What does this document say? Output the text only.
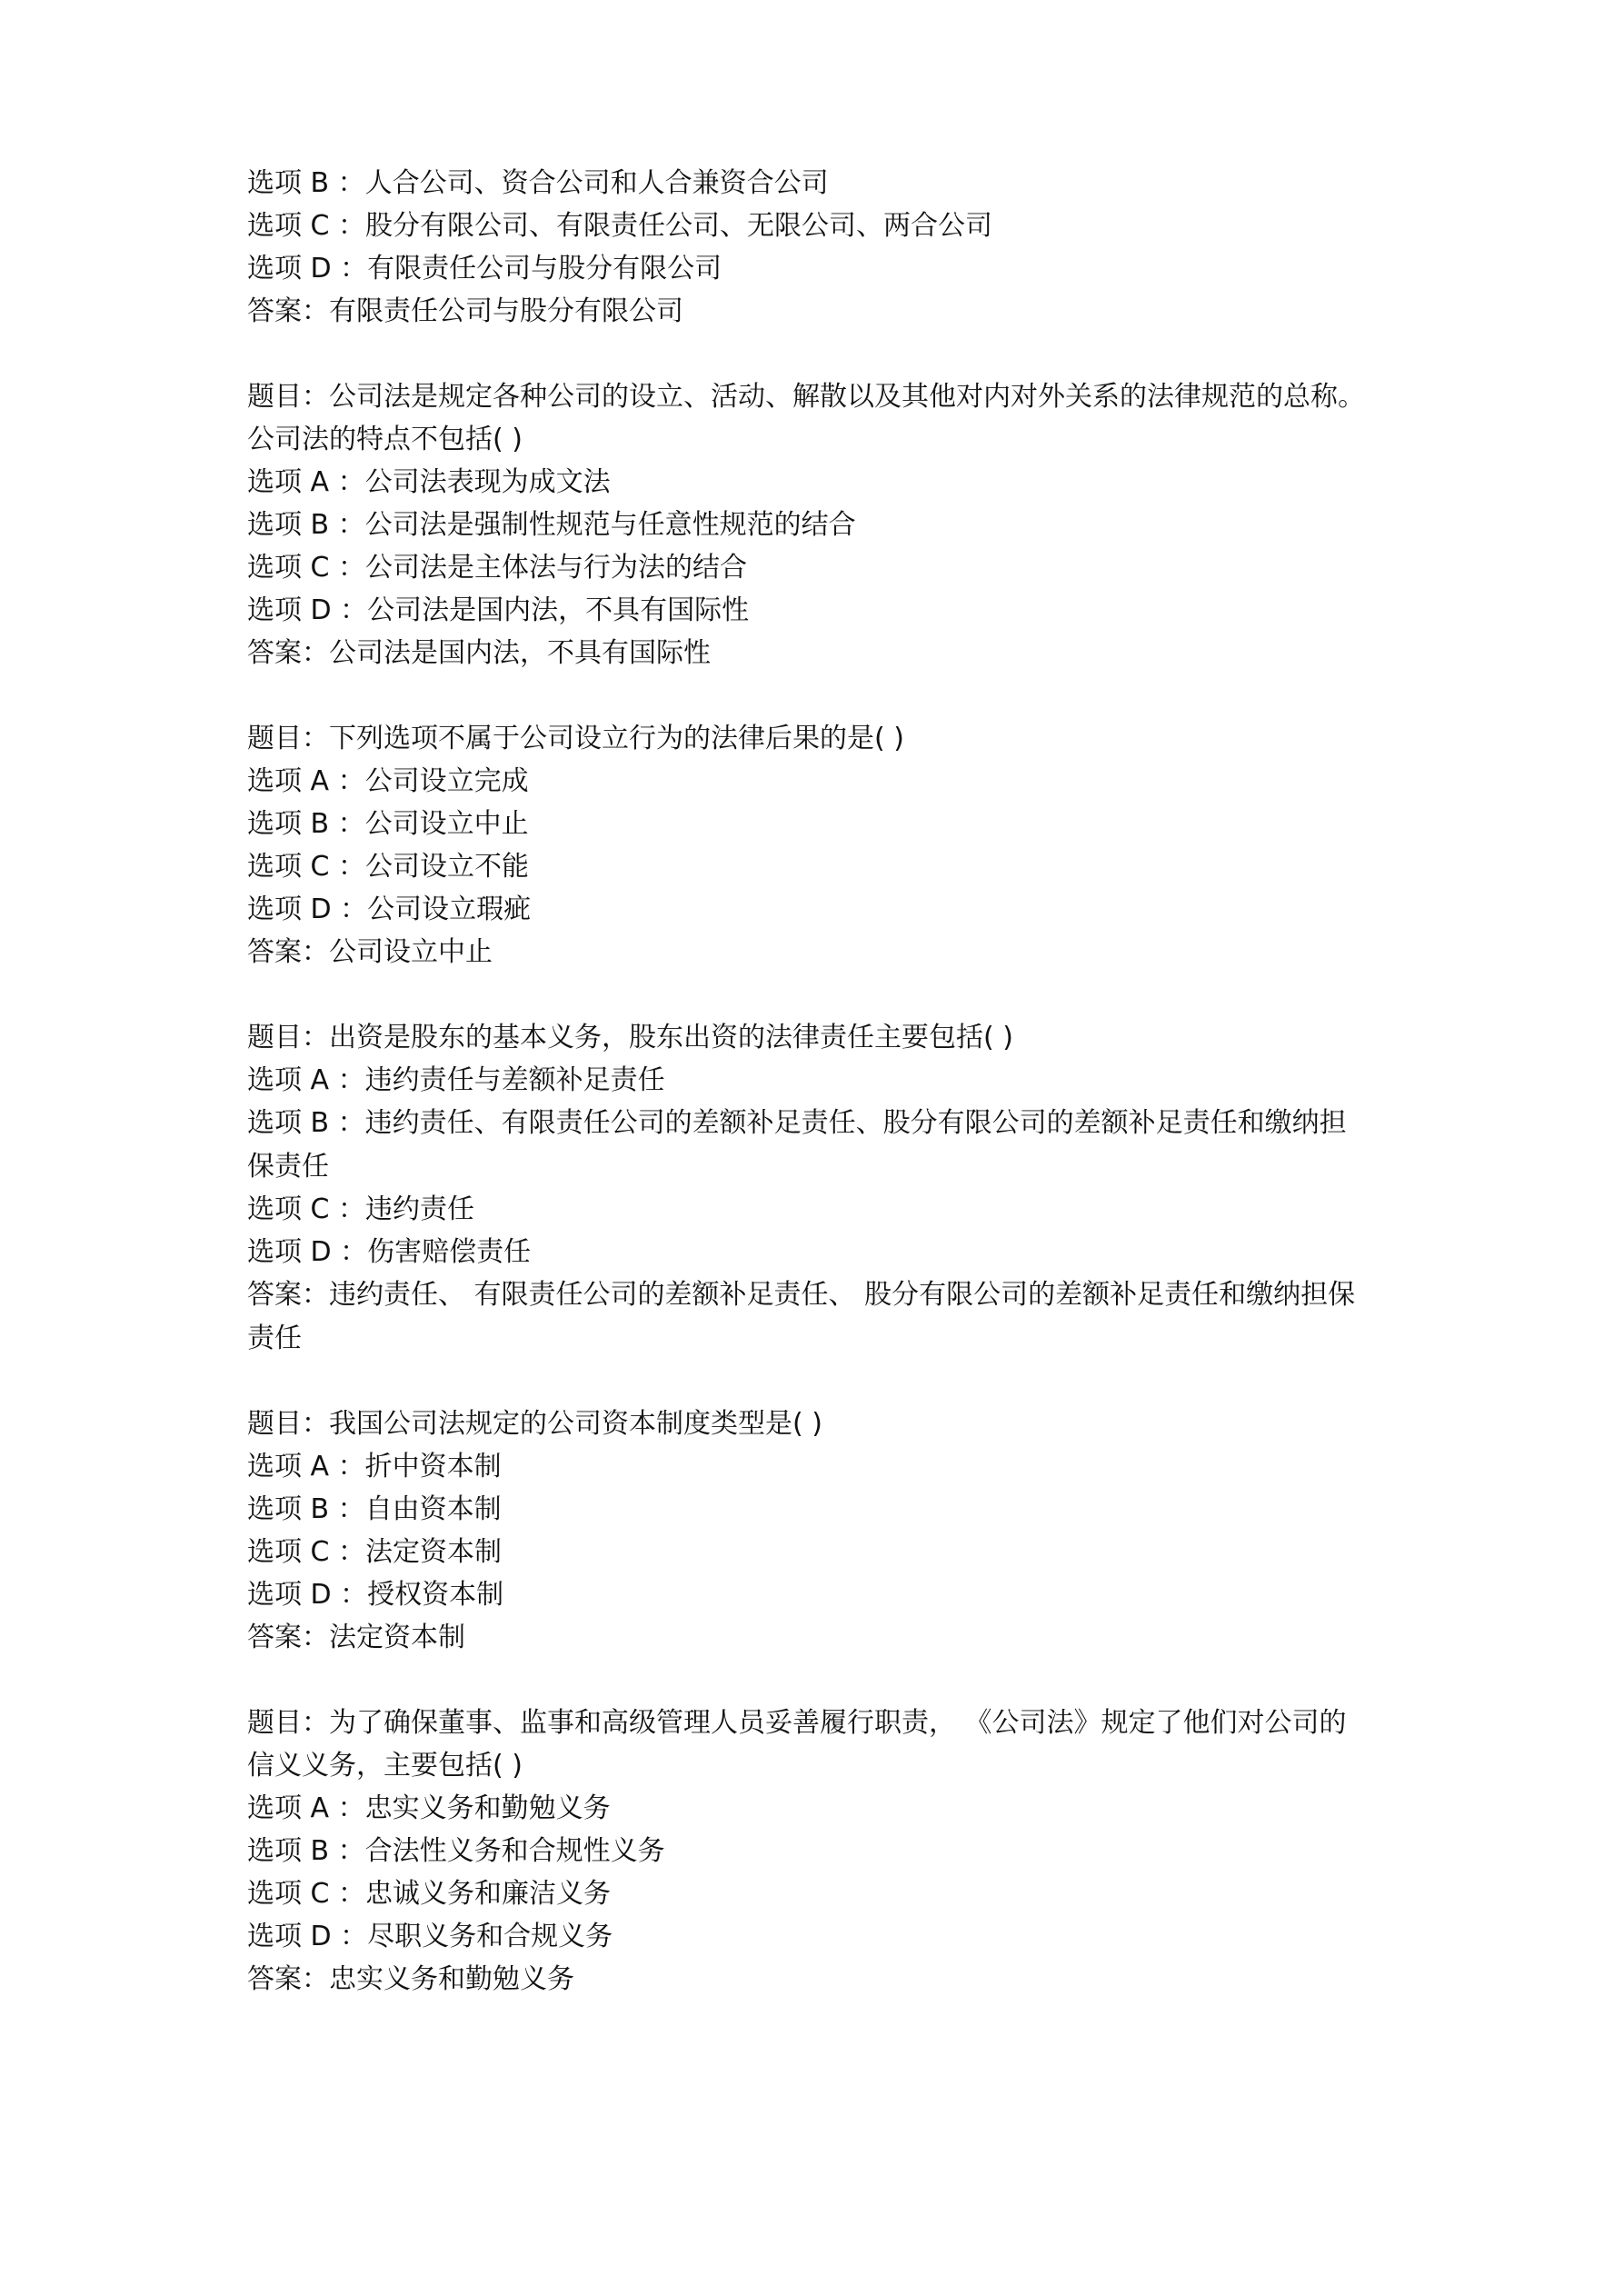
选项 B ：人合公司、资合公司和人合兼资合公司
选项 C ：股分有限公司、有限责任公司、无限公司、两合公司
选项 D ：有限责任公司与股分有限公司
答案：有限责任公司与股分有限公司
题目：公司法是规定各种公司的设立、活动、解散以及其他对内对外关系的法律规范的总称。
公司法的特点不包括( )
选项 A ：公司法表现为成文法
选项 B ：公司法是强制性规范与任意性规范的结合
选项 C ：公司法是主体法与行为法的结合
选项 D ：公司法是国内法，不具有国际性
答案：公司法是国内法，不具有国际性
题目：下列选项不属于公司设立行为的法律后果的是( )
选项 A ：公司设立完成
选项 B ：公司设立中止
选项 C ：公司设立不能
选项 D ：公司设立瑕疵
答案：公司设立中止
题目：出资是股东的基本义务，股东出资的法律责任主要包括( )
选项 A ：违约责任与差额补足责任
选项 B ：违约责任、有限责任公司的差额补足责任、股分有限公司的差额补足责任和缴纳担
保责任
选项 C ：违约责任
选项 D ：伤害赔偿责任
答案：违约责任、 有限责任公司的差额补足责任、 股分有限公司的差额补足责任和缴纳担保
责任
题目：我国公司法规定的公司资本制度类型是( )
选项 A ：折中资本制
选项 B ：自由资本制
选项 C ：法定资本制
选项 D ：授权资本制
答案：法定资本制
题目：为了确保董事、监事和高级管理人员妥善履行职责， 《公司法》规定了他们对公司的
信义义务，主要包括( )
选项 A ：忠实义务和勤勉义务
选项 B ：合法性义务和合规性义务
选项 C ：忠诚义务和廉洁义务
选项 D ：尽职义务和合规义务
答案：忠实义务和勤勉义务
